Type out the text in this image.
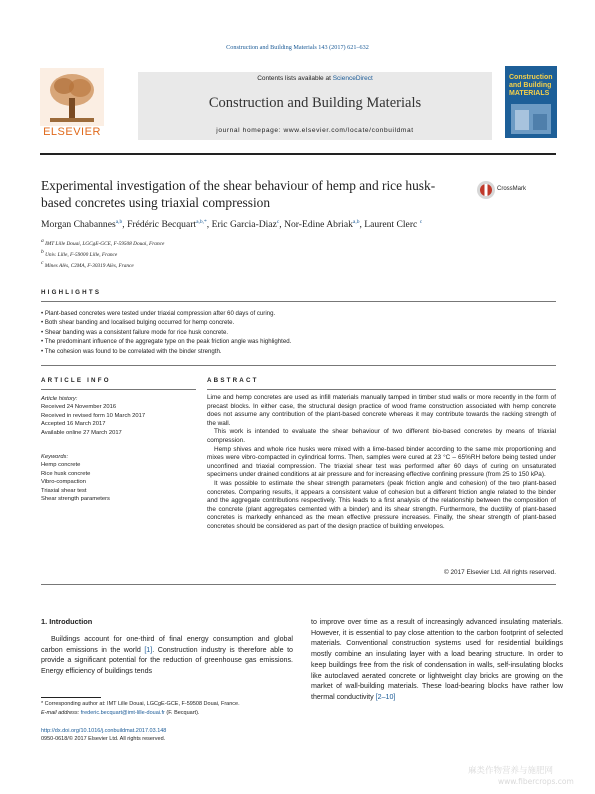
Construction and Building Materials 143 (2017) 621–632
ELSEVIER
Contents lists available at ScienceDirect
Construction and Building Materials
journal homepage: www.elsevier.com/locate/conbuildmat
Construction and Building MATERIALS
Experimental investigation of the shear behaviour of hemp and rice husk-based concretes using triaxial compression
CrossMark
Morgan Chabannes$^{a,b}$, Frédéric Becquart$^{a,b,*}$, Eric Garcia-Diaz$^c$, Nor-Edine Abriak$^{a,b}$, Laurent Clerc $^c$
$^a$ IMT Lille Douai, LGCgE-GCE, F-59508 Douai, France
$^b$ Univ. Lille, F-59000 Lille, France
$^c$ Mines Alès, C2MA, F-30319 Alès, France
HIGHLIGHTS
• Plant-based concretes were tested under triaxial compression after 60 days of curing.
• Both shear banding and localised bulging occurred for hemp concrete.
• Shear banding was a consistent failure mode for rice husk concrete.
• The predominant influence of the aggregate type on the peak friction angle was highlighted.
• The cohesion was found to be correlated with the binder strength.
ARTICLE INFO	ABSTRACT
Article history:
Received 24 November 2016
Received in revised form 10 March 2017
Accepted 16 March 2017
Available online 27 March 2017
Keywords:
Hemp concrete
Rice husk concrete
Vibro-compaction
Triaxial shear test
Shear strength parameters

Lime and hemp concretes are used as infill materials manually tamped in timber stud walls or more recently in the form of precast blocks. In either case, the structural design practice of wood frame construction associated with hemp concrete does not assume any contribution of the plant-based concrete whereas it may contribute towards the racking strength of the wall.

This work is intended to evaluate the shear behaviour of two different bio-based concretes by means of triaxial compression.

Hemp shives and whole rice husks were mixed with a lime-based binder according to the same mix proportioning and mixes were vibro-compacted in cylindrical forms. Then, samples were cured at 23 °C – 65%RH before being tested under unconfined and triaxial compression. The triaxial shear test was performed after 60 days of curing on unsaturated specimens under drained conditions at air pressure and for increasing effective confining pressure (from 25 to 150 kPa).

It was possible to estimate the shear strength parameters (peak friction angle and cohesion) of the two plant-based concretes. Comparing results, it appears a consistent value of cohesion but a different friction angle related to the binder and the aggregate contributions respectively. This leads to a first analysis of the relationship between the composition of the concrete (plant aggregates cemented with a binder) and its shear strength. Furthermore, the ductility of plant-based concretes is markedly enhanced as the mean effective pressure increases. Finally, the shear strength of plant-based concretes should be considered as part of the design practice of building envelopes.

© 2017 Elsevier Ltd. All rights reserved.
1. Introduction
Buildings account for one-third of final energy consumption and global carbon emissions in the world [1]. Construction industry is therefore able to provide a significant potential for the reduction of greenhouse gas emissions. Energy efficiency of buildings tends
to improve over time as a result of increasingly advanced insulating materials. However, it is essential to pay close attention to the carbon footprint of selected materials. Conventional construction systems used for residential buildings mostly combine an insulating layer with a load bearing structure. In order to keep buildings free from the risk of condensation in walls, self-insulating blocks like autoclaved aerated concrete or lightweight clay bricks are growing on the market of wall-building materials. These load-bearing blocks have rather low thermal conductivity [2–10]
* Corresponding author at: IMT Lille Douai, LGCgE-GCE, F-59508 Douai, France.
E-mail address: frederic.becquart@imt-lille-douai.fr (F. Becquart).
http://dx.doi.org/10.1016/j.conbuildmat.2017.03.148
0950-0618/© 2017 Elsevier Ltd. All rights reserved.
麻类作物营养与施肥网
www.fibercrops.com
